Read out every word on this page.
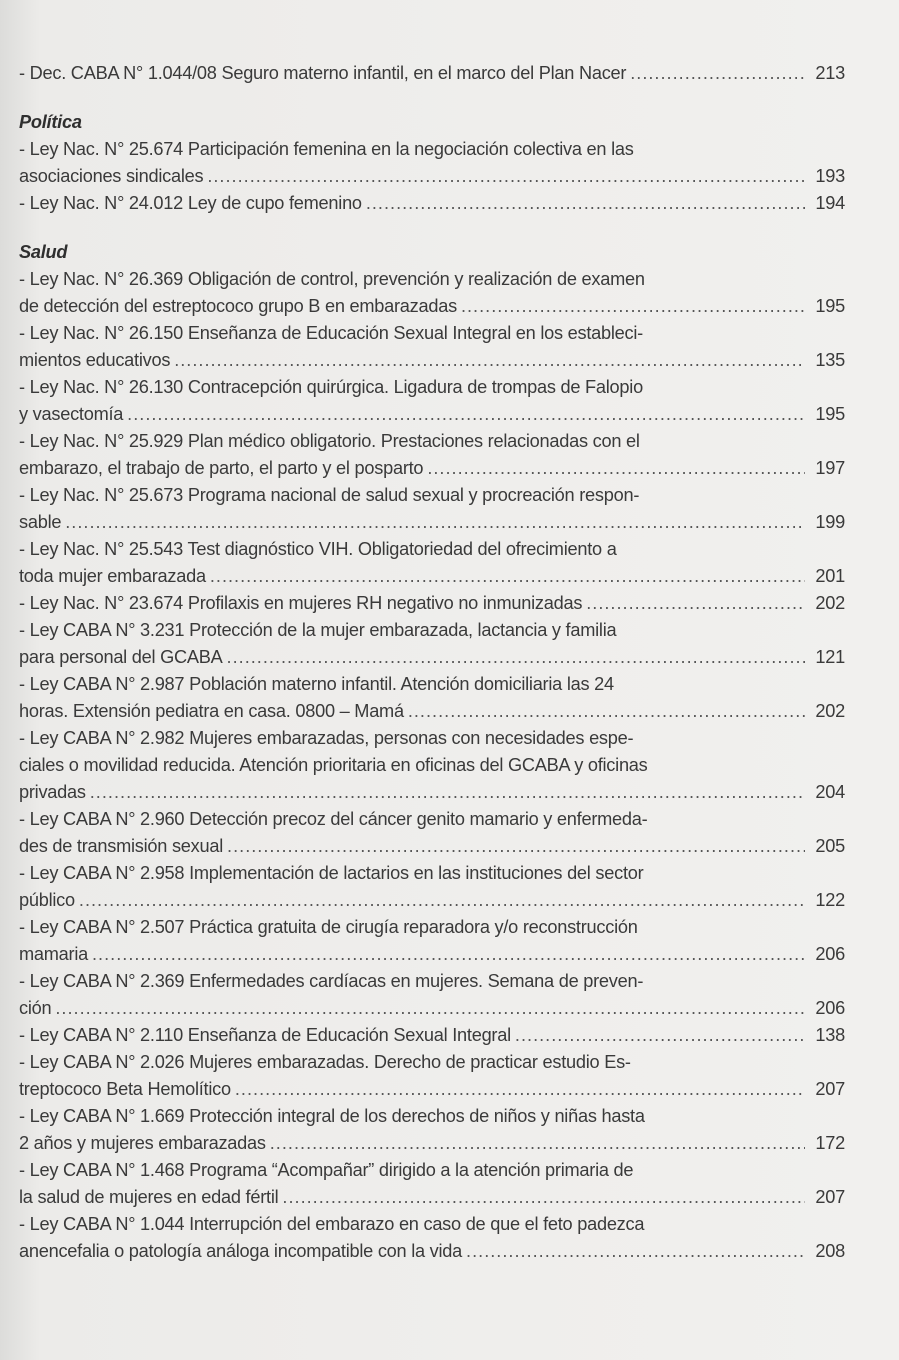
- Dec. CABA N° 1.044/08 Seguro materno infantil, en el marco del Plan Nacer .....	213
Política
- Ley Nac. N° 25.674 Participación femenina en la negociación colectiva en las
asociaciones sindicales .....	193
- Ley Nac. N° 24.012 Ley de cupo femenino .....	194
Salud
- Ley Nac. N° 26.369 Obligación de control, prevención y realización de examen
de detección del estreptococo grupo B en embarazadas .....	195
- Ley Nac. N° 26.150 Enseñanza de Educación Sexual Integral en los estableci-
mientos educativos .....	135
- Ley Nac. N° 26.130 Contracepción quirúrgica. Ligadura de trompas de Falopio
y vasectomía .....	195
- Ley Nac. N° 25.929 Plan médico obligatorio. Prestaciones relacionadas con el
embarazo, el trabajo de parto, el parto y el posparto .....	197
- Ley Nac. N° 25.673 Programa nacional de salud sexual y procreación respon-
sable .....	199
- Ley Nac. N° 25.543 Test diagnóstico VIH. Obligatoriedad del ofrecimiento a
toda mujer embarazada .....	201
- Ley Nac. N° 23.674 Profilaxis en mujeres RH negativo no inmunizadas .....	202
- Ley CABA N° 3.231 Protección de la mujer embarazada, lactancia y familia
para personal del GCABA .....	121
- Ley CABA N° 2.987 Población materno infantil. Atención domiciliaria las 24
horas. Extensión pediatra en casa. 0800 – Mamá .....	202
- Ley CABA N° 2.982 Mujeres embarazadas, personas con necesidades espe-
ciales o movilidad reducida. Atención prioritaria en oficinas del GCABA y oficinas
privadas .....	204
- Ley CABA N° 2.960 Detección precoz del cáncer genito mamario y enfermeda-
des de transmisión sexual .....	205
- Ley CABA N° 2.958 Implementación de lactarios en las instituciones del sector
público .....	122
- Ley CABA N° 2.507 Práctica gratuita de cirugía reparadora y/o reconstrucción
mamaria .....	206
- Ley CABA N° 2.369 Enfermedades cardíacas en mujeres. Semana de preven-
ción .....	206
- Ley CABA N° 2.110 Enseñanza de Educación Sexual Integral .....	138
- Ley CABA N° 2.026 Mujeres embarazadas. Derecho de practicar estudio Es-
treptococo Beta Hemolítico .....	207
- Ley CABA N° 1.669 Protección integral de los derechos de niños y niñas hasta
2 años y mujeres embarazadas .....	172
- Ley CABA N° 1.468 Programa “Acompañar” dirigido a la atención primaria de
la salud de mujeres en edad fértil .....	207
- Ley CABA N° 1.044 Interrupción del embarazo en caso de que el feto padezca
anencefalia o patología análoga incompatible con la vida .....	208
